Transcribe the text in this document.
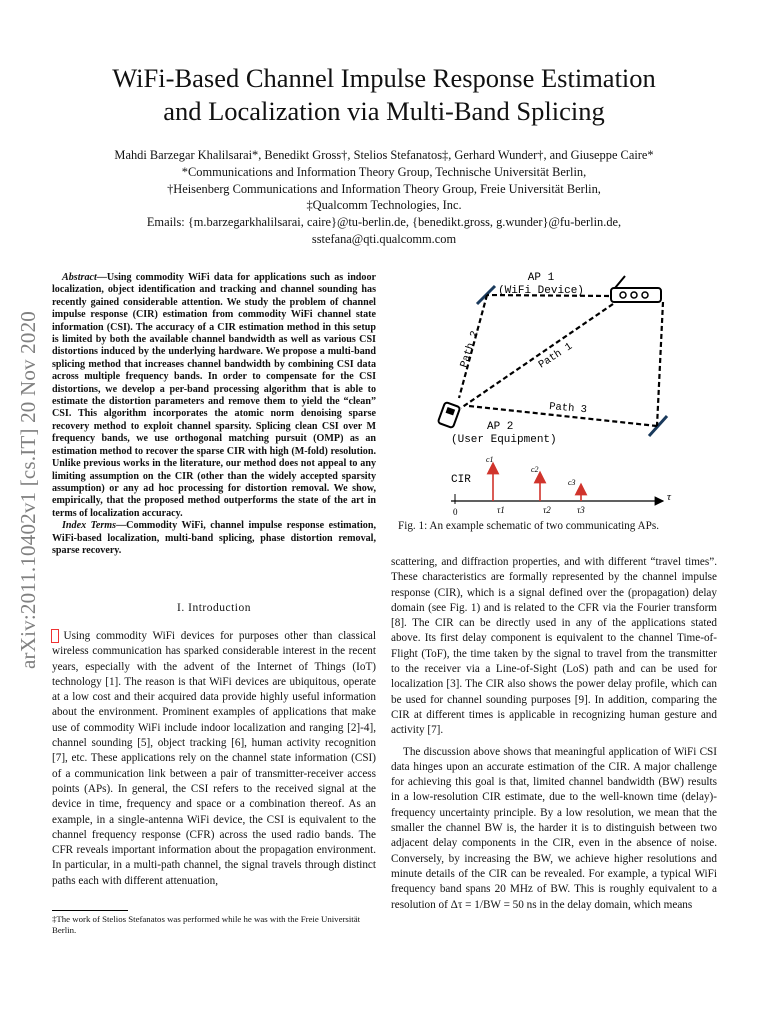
WiFi-Based Channel Impulse Response Estimation
and Localization via Multi-Band Splicing
Mahdi Barzegar Khalilsarai*, Benedikt Gross†, Stelios Stefanatos‡, Gerhard Wunder†, and Giuseppe Caire*
*Communications and Information Theory Group, Technische Universität Berlin,
†Heisenberg Communications and Information Theory Group, Freie Universität Berlin,
‡Qualcomm Technologies, Inc.
Emails: {m.barzegarkhalilsarai, caire}@tu-berlin.de, {benedikt.gross, g.wunder}@fu-berlin.de,
sstefana@qti.qualcomm.com
arXiv:2011.10402v1 [cs.IT] 20 Nov 2020

Abstract—Using commodity WiFi data for applications such as indoor localization, object identification and tracking and channel sounding has recently gained considerable attention. We study the problem of channel impulse response (CIR) estimation from commodity WiFi channel state information (CSI). The accuracy of a CIR estimation method in this setup is limited by both the available channel bandwidth as well as various CSI distortions induced by the underlying hardware. We propose a multi-band splicing method that increases channel bandwidth by combining CSI data across multiple frequency bands. In order to compensate for the CSI distortions, we develop a per-band processing algorithm that is able to estimate the distortion parameters and remove them to yield the “clean” CSI. This algorithm incorporates the atomic norm denoising sparse recovery method to exploit channel sparsity. Splicing clean CSI over M frequency bands, we use orthogonal matching pursuit (OMP) as an estimation method to recover the sparse CIR with high (M-fold) resolution. Unlike previous works in the literature, our method does not appeal to any limiting assumption on the CIR (other than the widely accepted sparsity assumption) or any ad hoc processing for distortion removal. We show, empirically, that the proposed method outperforms the state of the art in terms of localization accuracy.

Index Terms—Commodity WiFi, channel impulse response estimation, WiFi-based localization, multi-band splicing, phase distortion removal, sparse recovery.

I. Introduction

Using commodity WiFi devices for purposes other than classical wireless communication has sparked considerable interest in the recent years, especially with the advent of the Internet of Things (IoT) technology [1]. The reason is that WiFi devices are ubiquitous, operate at a low cost and their acquired data provide highly useful information about the environment. Prominent examples of applications that make use of commodity WiFi include indoor localization and ranging [2]-4], channel sounding [5], object tracking [6], human activity recognition [7], etc. These applications rely on the channel state information (CSI) of a communication link between a pair of transmitter-receiver access points (APs). In general, the CSI refers to the received signal at the device in time, frequency and space or a combination thereof. As an example, in a single-antenna WiFi device, the CSI is equivalent to the channel frequency response (CFR) across the used radio bands. The CFR reveals important information about the propagation environment. In particular, in a multi-path channel, the signal travels through distinct paths each with different attenuation,

‡The work of Stelios Stefanatos was performed while he was with the Freie Universität Berlin.
AP 1
(WiFi Device)
Path 2	Path 1
Path 3
AP 2
(User Equipment)
CIR
0
τ
c1
c2
c3
τ1	τ2	τ3
Fig. 1: An example schematic of two communicating APs.

scattering, and diffraction properties, and with different “travel times”. These characteristics are formally represented by the channel impulse response (CIR), which is a signal defined over the (propagation) delay domain (see Fig. 1) and is related to the CFR via the Fourier transform [8]. The CIR can be directly used in any of the applications stated above. Its first delay component is equivalent to the channel Time-of-Flight (ToF), the time taken by the signal to travel from the transmitter to the receiver via a Line-of-Sight (LoS) path and can be used for localization [3]. The CIR also shows the power delay profile, which can be used for channel sounding purposes [9]. In addition, comparing the CIR at different times is applicable in recognizing human gesture and activity [7].

The discussion above shows that meaningful application of WiFi CSI data hinges upon an accurate estimation of the CIR. A major challenge for achieving this goal is that, limited channel bandwidth (BW) results in a low-resolution CIR estimate, due to the well-known time (delay)-frequency uncertainty principle. By a low resolution, we mean that the smaller the channel BW is, the harder it is to distinguish between two adjacent delay components in the CIR, even in the absence of noise. Conversely, by increasing the BW, we achieve higher resolutions and minute details of the CIR can be revealed. For example, a typical WiFi frequency band spans 20 MHz of BW. This is roughly equivalent to a resolution of Δτ = 1/BW = 50 ns in the delay domain, which means
